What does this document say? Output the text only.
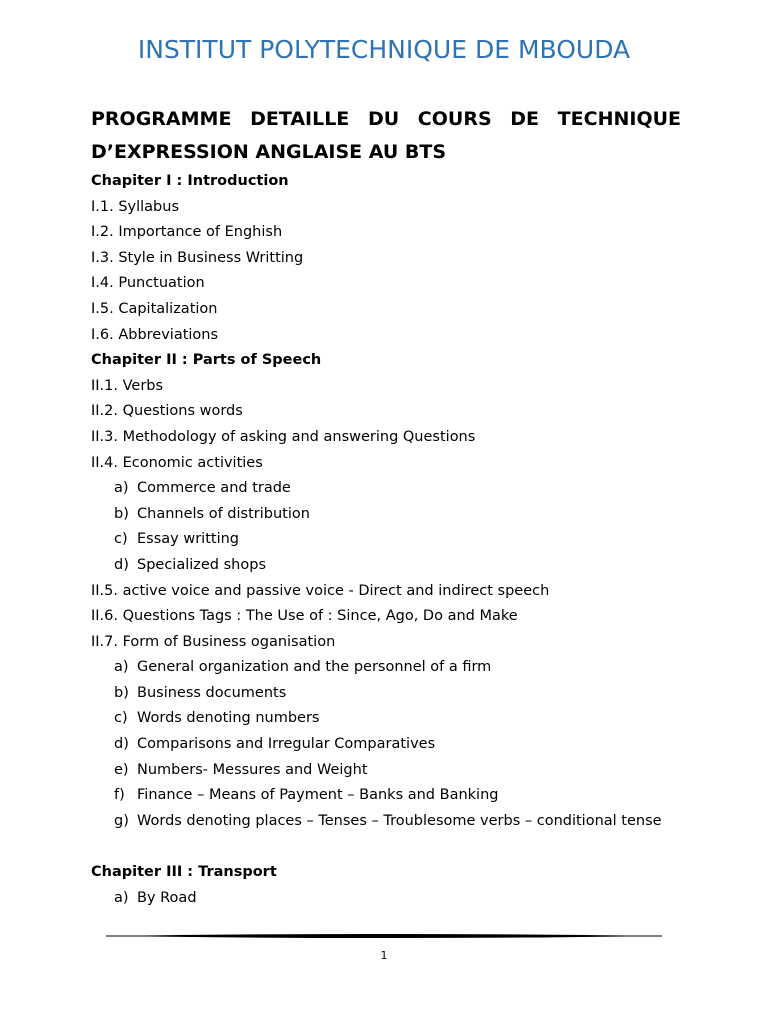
INSTITUT POLYTECHNIQUE DE MBOUDA
PROGRAMME DETAILLE DU COURS DE TECHNIQUE
D’EXPRESSION ANGLAISE AU BTS
Chapiter I : Introduction
I.1. Syllabus
I.2. Importance of Enghish
I.3. Style in Business Writting
I.4. Punctuation
I.5. Capitalization
I.6. Abbreviations
Chapiter II : Parts of Speech
II.1. Verbs
II.2. Questions words
II.3. Methodology of asking and answering Questions
II.4. Economic activities
a) Commerce and trade
b) Channels of distribution
c) Essay writting
d) Specialized shops
II.5. active voice and passive voice - Direct and indirect speech
II.6. Questions Tags : The Use of : Since, Ago, Do and Make
II.7. Form of Business oganisation
a) General organization and the personnel of a firm
b) Business documents
c) Words denoting numbers
d) Comparisons and Irregular Comparatives
e) Numbers- Messures and Weight
f) Finance – Means of Payment – Banks and Banking
g) Words denoting places – Tenses – Troublesome verbs – conditional tense
Chapiter III : Transport
a) By Road
1
